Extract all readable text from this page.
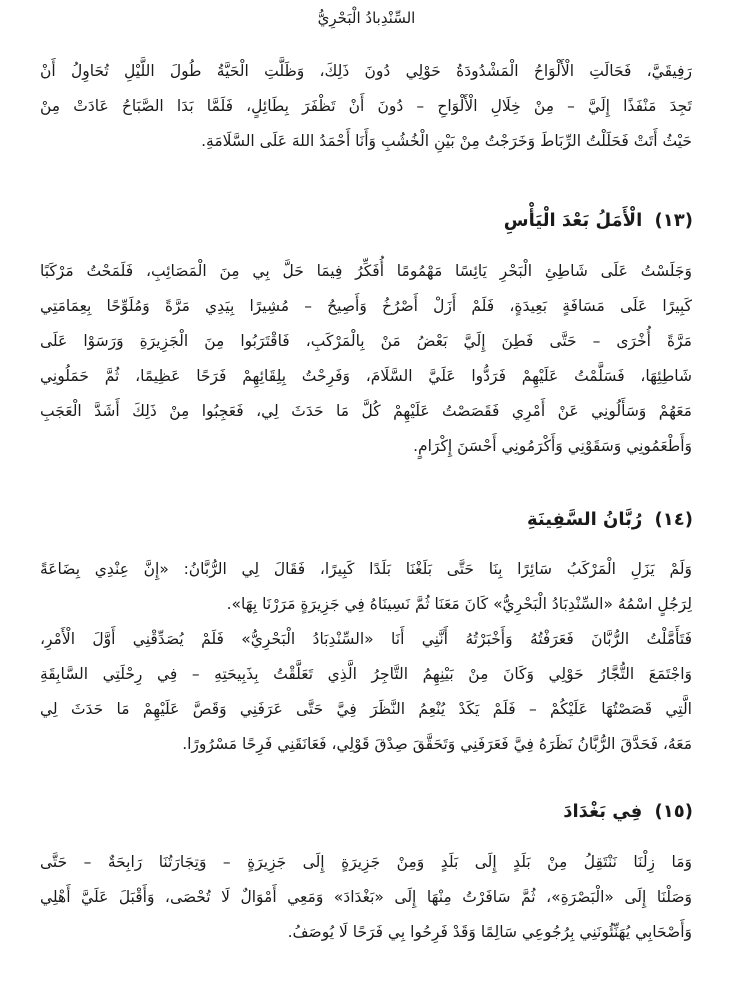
السِّنْدِبادُ الْبَحْرِيُّ

رَفِيقَيَّ، فَحَالَتِ الْأَلْوَاحُ الْمَشْدُودَةُ حَوْلِي دُونَ ذَلِكَ، وَظَلَّتِ الْحَيَّةُ طُولَ اللَّيْلِ تُحَاوِلُ أَنْ
تَجِدَ مَنْفَذًا إِلَيَّ – مِنْ خِلَالِ الْأَلْوَاحِ – دُونَ أَنْ تَظْفَرَ بِطَائِلٍ، فَلَمَّا بَدَا الصَّبَاحُ عَادَتْ مِنْ
حَيْثُ أَتَتْ فَحَلَلْتُ الرِّبَاطَ وَخَرَجْتُ مِنْ بَيْنِ الْخُشُبِ وَأَنَا أَحْمَدُ اللهَ عَلَى السَّلَامَةِ.

(١٣) الْأَمَلُ بَعْدَ الْيَأْسِ

وَجَلَسْتُ عَلَى شَاطِئِ الْبَحْرِ يَائِسًا مَهْمُومًا أُفَكِّرُ فِيمَا حَلَّ بِي مِنَ الْمَصَائِبِ، فَلَمَحْتُ مَرْكَبًا
كَبِيرًا عَلَى مَسَافَةٍ بَعِيدَةٍ، فَلَمْ أَزَلْ أَصْرُخُ وَأَصِيحُ – مُشِيرًا بِيَدِي مَرَّةً وَمُلَوِّحًا بِعِمَامَتِي
مَرَّةً أُخْرَى – حَتَّى فَطِنَ إِلَيَّ بَعْضُ مَنْ بِالْمَرْكَبِ، فَاقْتَرَبُوا مِنَ الْجَزِيرَةِ وَرَسَوْا عَلَى
شَاطِئِهَا، فَسَلَّمْتُ عَلَيْهِمْ فَرَدُّوا عَلَيَّ السَّلَامَ، وَفَرِحْتُ بِلِقَائِهِمْ فَرَحًا عَظِيمًا، ثُمَّ حَمَلُونِي
مَعَهُمْ وَسَأَلُونِي عَنْ أَمْرِي فَقَصَصْتُ عَلَيْهِمْ كُلَّ مَا حَدَثَ لِي، فَعَجِبُوا مِنْ ذَلِكَ أَشَدَّ الْعَجَبِ
وَأَطْعَمُونِي وَسَقَوْنِي وَأَكْرَمُونِي أَحْسَنَ إِكْرَامٍ.

(١٤) رُبَّانُ السَّفِينَةِ

وَلَمْ يَزَلِ الْمَرْكَبُ سَائِرًا بِنَا حَتَّى بَلَغْنَا بَلَدًا كَبِيرًا، فَقَالَ لِي الرُّبَّانُ: «إِنَّ عِنْدِي بِضَاعَةً
لِرَجُلٍ اسْمُهُ «السِّنْدِبَادُ الْبَحْرِيُّ» كَانَ مَعَنَا ثُمَّ نَسِينَاهُ فِي جَزِيرَةٍ مَرَرْنَا بِهَا».

فَتَأَمَّلْتُ الرُّبَّانَ فَعَرَفْتُهُ وَأَخْبَرْتُهُ أَنَّنِي أَنَا «السِّنْدِبَادُ الْبَحْرِيُّ» فَلَمْ يُصَدِّقْنِي أَوَّلَ الْأَمْرِ،
وَاجْتَمَعَ التُّجَّارُ حَوْلِي وَكَانَ مِنْ بَيْنِهِمُ التَّاجِرُ الَّذِي تَعَلَّقْتُ بِذَبِيحَتِهِ – فِي رِحْلَتِي السَّابِقَةِ
الَّتِي قَصَصْتُهَا عَلَيْكُمْ – فَلَمْ يَكَدْ يُنْعِمُ النَّظَرَ فِيَّ حَتَّى عَرَفَنِي وَقَصَّ عَلَيْهِمْ مَا حَدَثَ لِي
مَعَهُ، فَحَدَّقَ الرُّبَّانُ نَظَرَهُ فِيَّ فَعَرَفَنِي وَتَحَقَّقَ صِدْقَ قَوْلِي، فَعَانَقَنِي فَرِحًا مَسْرُورًا.

(١٥) فِي بَغْدَادَ

وَمَا زِلْنَا نَنْتَقِلُ مِنْ بَلَدٍ إِلَى بَلَدٍ وَمِنْ جَزِيرَةٍ إِلَى جَزِيرَةٍ – وَتِجَارَتُنَا رَابِحَةٌ – حَتَّى
وَصَلْنَا إِلَى «الْبَصْرَةِ»، ثُمَّ سَافَرْتُ مِنْهَا إِلَى «بَغْدَادَ» وَمَعِي أَمْوَالٌ لَا تُحْصَى، وَأَقْبَلَ عَلَيَّ أَهْلِي
وَأَصْحَابِي يُهَنِّئُونَنِي بِرُجُوعِي سَالِمًا وَقَدْ فَرِحُوا بِي فَرَحًا لَا يُوصَفُ.
